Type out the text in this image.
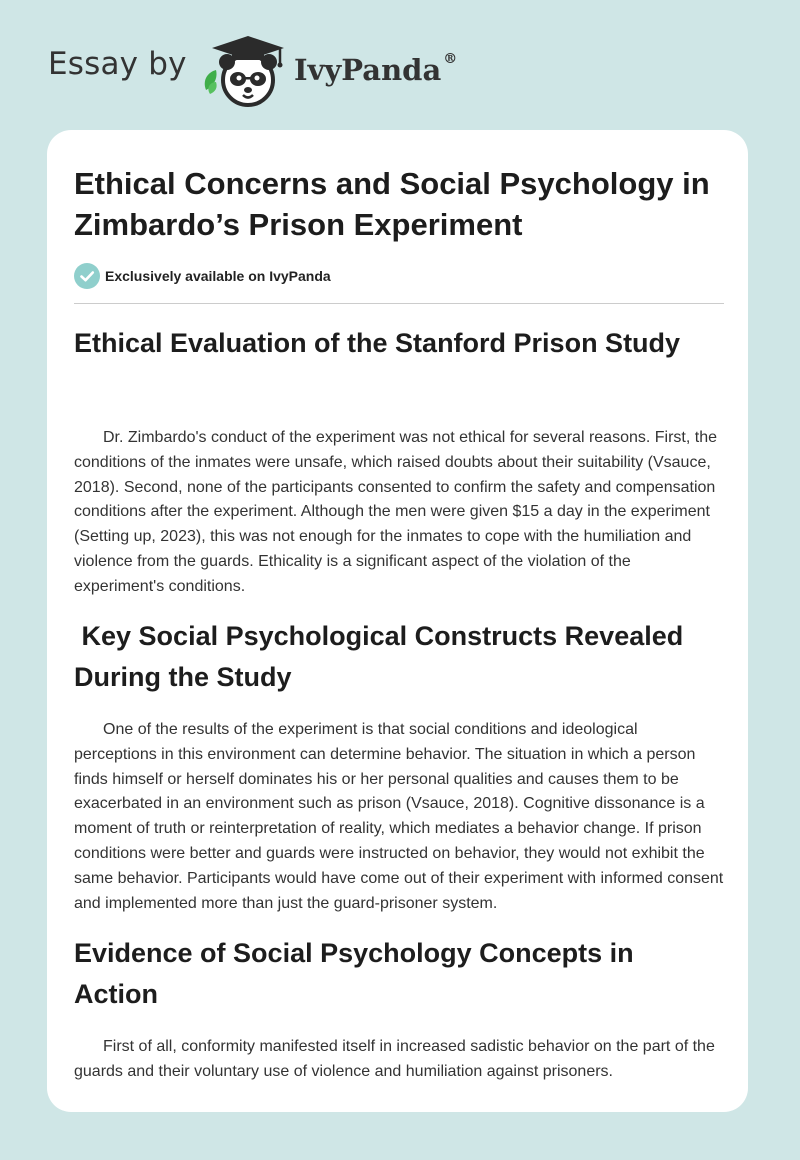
Essay by	IvyPanda ®
Ethical Concerns and Social Psychology in Zimbardo’s Prison Experiment
Exclusively available on IvyPanda
Ethical Evaluation of the Stanford Prison Study

Dr. Zimbardo's conduct of the experiment was not ethical for several reasons. First, the conditions of the inmates were unsafe, which raised doubts about their suitability (Vsauce, 2018). Second, none of the participants consented to confirm the safety and compensation conditions after the experiment. Although the men were given $15 a day in the experiment (Setting up, 2023), this was not enough for the inmates to cope with the humiliation and violence from the guards. Ethicality is a significant aspect of the violation of the experiment's conditions.

Key Social Psychological Constructs Revealed During the Study

One of the results of the experiment is that social conditions and ideological perceptions in this environment can determine behavior. The situation in which a person finds himself or herself dominates his or her personal qualities and causes them to be exacerbated in an environment such as prison (Vsauce, 2018). Cognitive dissonance is a moment of truth or reinterpretation of reality, which mediates a behavior change. If prison conditions were better and guards were instructed on behavior, they would not exhibit the same behavior. Participants would have come out of their experiment with informed consent and implemented more than just the guard-prisoner system.

Evidence of Social Psychology Concepts in Action

First of all, conformity manifested itself in increased sadistic behavior on the part of the guards and their voluntary use of violence and humiliation against prisoners.
